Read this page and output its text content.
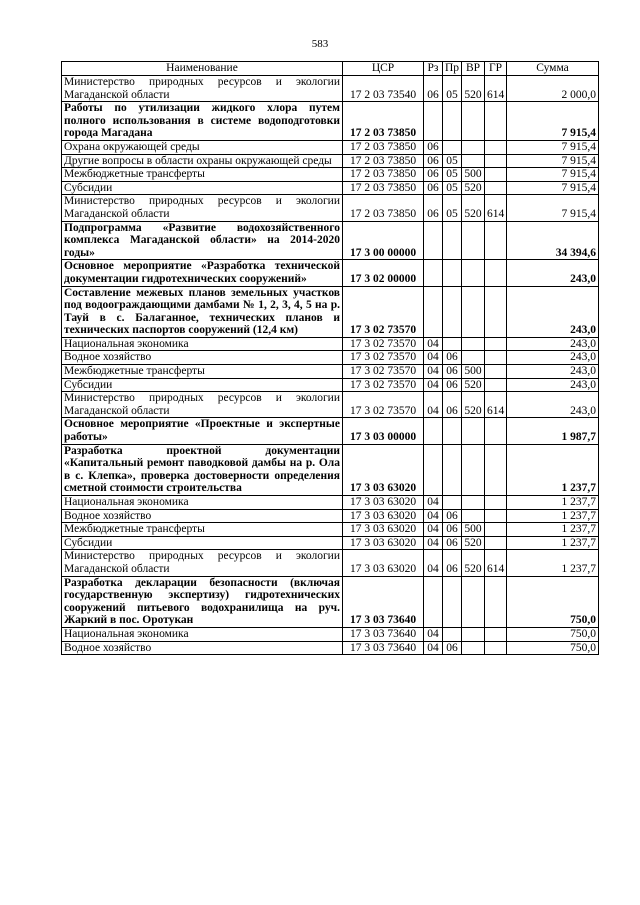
583
Наименование	ЦСР	Рз	Пр	ВР	ГР	Сумма
Министерство природных ресурсов и экологии Магаданской области	17 2 03 73540	06	05	520	614	2 000,0
Работы по утилизации жидкого хлора путем полного использования в системе водоподготовки города Магадана	17 2 03 73850					7 915,4
Охрана окружающей среды	17 2 03 73850	06				7 915,4
Другие вопросы в области охраны окружающей среды	17 2 03 73850	06	05			7 915,4
Межбюджетные трансферты	17 2 03 73850	06	05	500		7 915,4
Субсидии	17 2 03 73850	06	05	520		7 915,4
Министерство природных ресурсов и экологии Магаданской области	17 2 03 73850	06	05	520	614	7 915,4
Подпрограмма «Развитие водохозяйственного комплекса Магаданской области» на 2014-2020 годы»	17 3 00 00000					34 394,6
Основное мероприятие «Разработка технической документации гидротехнических сооружений»	17 3 02 00000					243,0
Составление межевых планов земельных участков под водоограждающими дамбами № 1, 2, 3, 4, 5 на р. Тауй в с. Балаганное, технических планов и технических паспортов сооружений (12,4 км)	17 3 02 73570					243,0
Национальная экономика	17 3 02 73570	04				243,0
Водное хозяйство	17 3 02 73570	04	06			243,0
Межбюджетные трансферты	17 3 02 73570	04	06	500		243,0
Субсидии	17 3 02 73570	04	06	520		243,0
Министерство природных ресурсов и экологии Магаданской области	17 3 02 73570	04	06	520	614	243,0
Основное мероприятие «Проектные и экспертные работы»	17 3 03 00000					1 987,7
Разработка проектной документации «Капитальный ремонт паводковой дамбы на р. Ола в с. Клепка», проверка достоверности определения сметной стоимости строительства	17 3 03 63020					1 237,7
Национальная экономика	17 3 03 63020	04				1 237,7
Водное хозяйство	17 3 03 63020	04	06			1 237,7
Межбюджетные трансферты	17 3 03 63020	04	06	500		1 237,7
Субсидии	17 3 03 63020	04	06	520		1 237,7
Министерство природных ресурсов и экологии Магаданской области	17 3 03 63020	04	06	520	614	1 237,7
Разработка декларации безопасности (включая государственную экспертизу) гидротехнических сооружений питьевого водохранилища на руч. Жаркий в пос. Оротукан	17 3 03 73640					750,0
Национальная экономика	17 3 03 73640	04				750,0
Водное хозяйство	17 3 03 73640	04	06			750,0
